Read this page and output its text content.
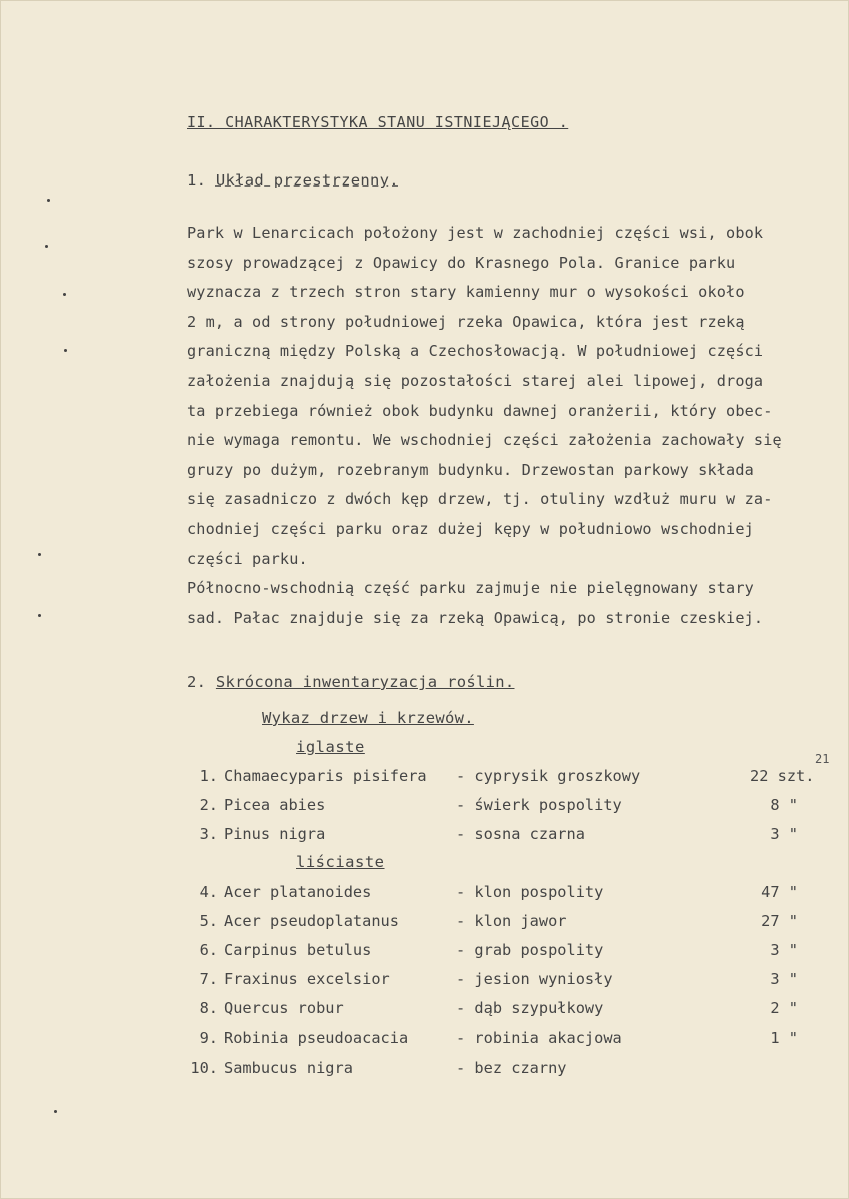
II. CHARAKTERYSTYKA STANU ISTNIEJĄCEGO .
1. Układ przestrzenny.
Park w Lenarcicach położony jest w zachodniej części wsi, obok
szosy prowadzącej z Opawicy do Krasnego Pola. Granice parku
wyznacza z trzech stron stary kamienny mur o wysokości około
2 m, a od strony południowej rzeka Opawica, która jest rzeką
graniczną między Polską a Czechosłowacją. W południowej części
założenia znajdują się pozostałości starej alei lipowej, droga
ta przebiega również obok budynku dawnej oranżerii, który obec-
nie wymaga remontu. We wschodniej części założenia zachowały się
gruzy po dużym, rozebranym budynku. Drzewostan parkowy składa
się zasadniczo z dwóch kęp drzew, tj. otuliny wzdłuż muru w za-
chodniej części parku oraz dużej kępy w południowo wschodniej
części parku.
Północno-wschodnią część parku zajmuje nie pielęgnowany stary
sad. Pałac znajduje się za rzeką Opawicą, po stronie czeskiej.
2. Skrócona inwentaryzacja roślin.
Wykaz drzew i krzewów.
iglaste
1. Chamaecyparis pisifera - cyprysik groszkowy	22 szt.
2. Picea abies	- świerk pospolity	8 "
3. Pinus nigra	- sosna czarna	3 "
liściaste
4. Acer platanoides	- klon pospolity	47 "
5. Acer pseudoplatanus	- klon jawor	27 "
6. Carpinus betulus	- grab pospolity	3 "
7. Fraxinus excelsior	- jesion wyniosły	3 "
8. Quercus robur	- dąb szypułkowy	2 "
9. Robinia pseudoacacia	- robinia akacjowa	1 "
10. Sambucus nigra	- bez czarny
21
